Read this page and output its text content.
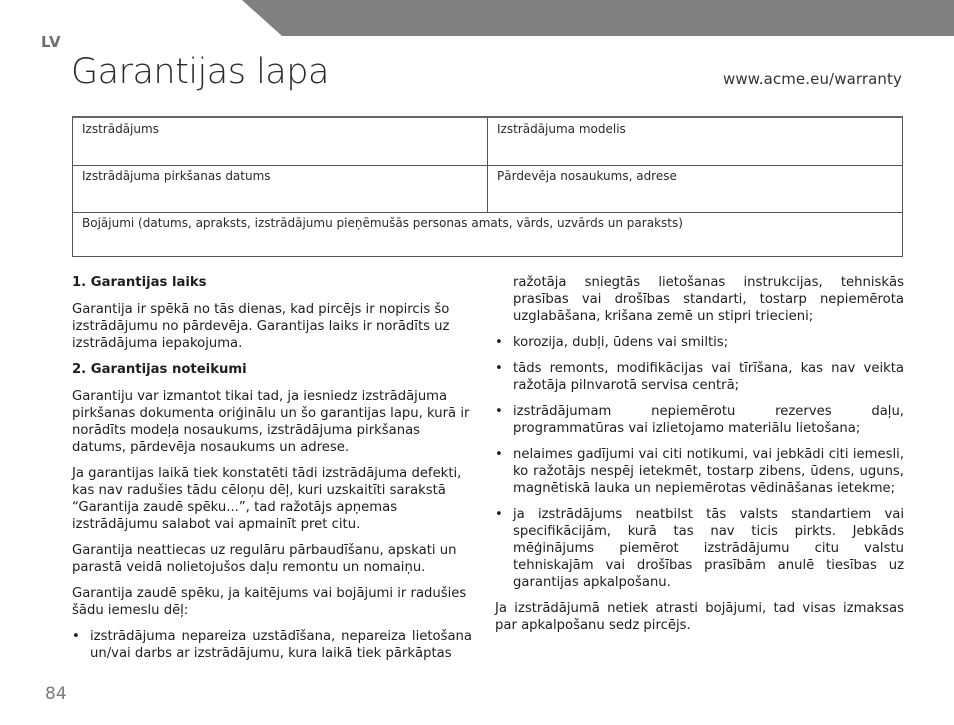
LV
Garantijas lapa	www.acme.eu/warranty
Izstrādājums	Izstrādājuma modelis
Izstrādājuma pirkšanas datums	Pārdevēja nosaukums, adrese
Bojājumi (datums, apraksts, izstrādājumu pieņēmušās personas amats, vārds, uzvārds un paraksts)
1. Garantijas laiks

Garantija ir spēkā no tās dienas, kad pircējs ir nopircis šo izstrādājumu no pārdevēja. Garantijas laiks ir norādīts uz izstrādājuma iepakojuma.

2. Garantijas noteikumi

Garantiju var izmantot tikai tad, ja iesniedz izstrādājuma pirkšanas dokumenta oriģinālu un šo garantijas lapu, kurā ir norādīts modeļa nosaukums, izstrādājuma pirkšanas datums, pārdevēja nosaukums un adrese.

Ja garantijas laikā tiek konstatēti tādi izstrādājuma defekti, kas nav radušies tādu cēloņu dēļ, kuri uzskaitīti sarakstā “Garantija zaudē spēku...”, tad ražotājs apņemas izstrādājumu salabot vai apmainīt pret citu.

Garantija neattiecas uz regulāru pārbaudīšanu, apskati un parastā veidā nolietojušos daļu remontu un nomaiņu.

Garantija zaudē spēku, ja kaitējums vai bojājumi ir radušies šādu iemeslu dēļ:

• izstrādājuma nepareiza uzstādīšana, nepareiza lietošana un/vai darbs ar izstrādājumu, kura laikā tiek pārkāptas

ražotāja sniegtās lietošanas instrukcijas, tehniskās prasības vai drošības standarti, tostarp nepiemērota uzglabāšana, krišana zemē un stipri triecieni;

• korozija, dubļi, ūdens vai smiltis;
• tāds remonts, modifikācijas vai tīrīšana, kas nav veikta ražotāja pilnvarotā servisa centrā;
• izstrādājumam nepiemērotu rezerves daļu, programmatūras vai izlietojamo materiālu lietošana;
• nelaimes gadījumi vai citi notikumi, vai jebkādi citi iemesli, ko ražotājs nespēj ietekmēt, tostarp zibens, ūdens, uguns, magnētiskā lauka un nepiemērotas vēdināšanas ietekme;
• ja izstrādājums neatbilst tās valsts standartiem vai specifikācijām, kurā tas nav ticis pirkts. Jebkāds mēģinājums piemērot izstrādājumu citu valstu tehniskajām vai drošības prasībām anulē tiesības uz garantijas apkalpošanu.

Ja izstrādājumā netiek atrasti bojājumi, tad visas izmaksas par apkalpošanu sedz pircējs.

84
